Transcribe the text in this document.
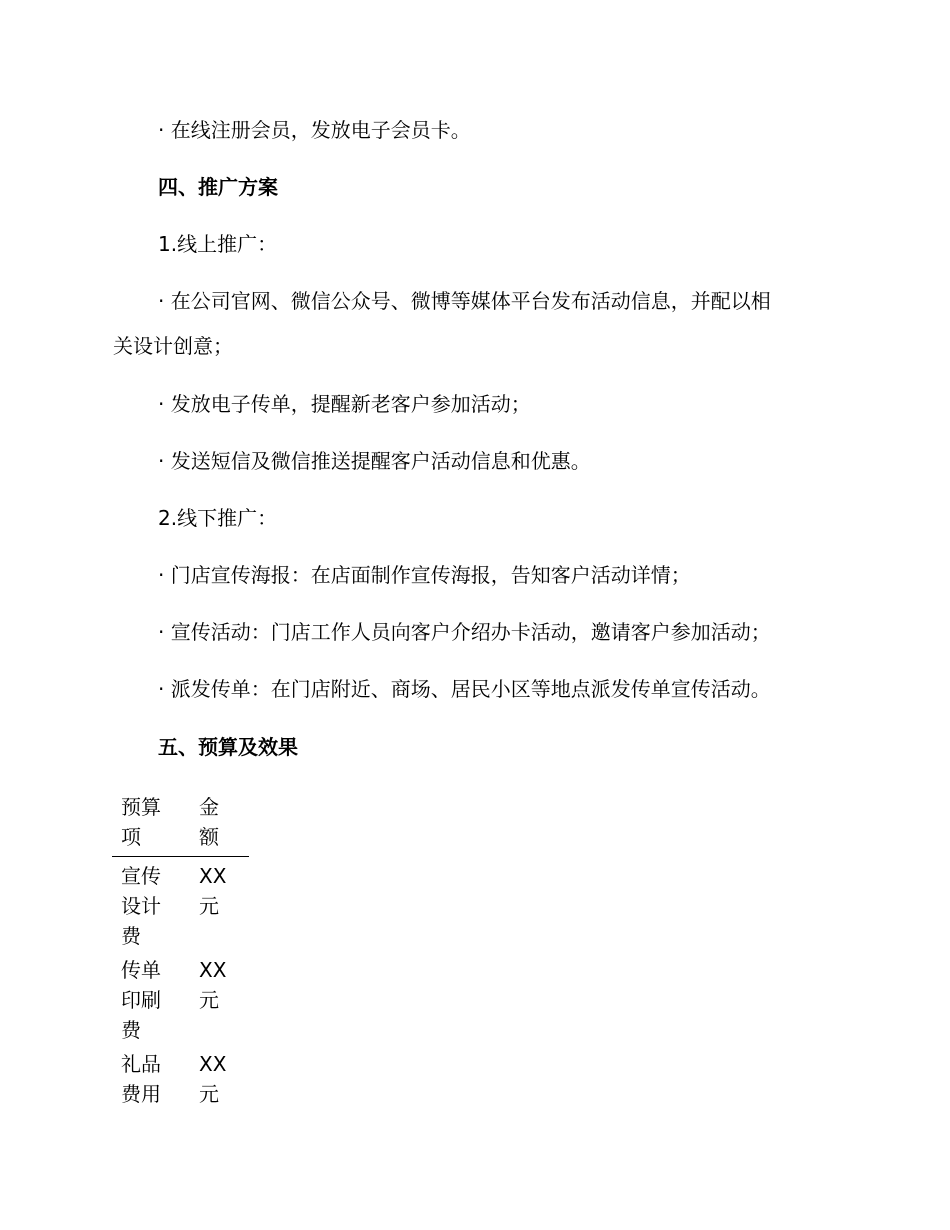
· 在线注册会员，发放电子会员卡。
四、推广方案
1.线上推广：
· 在公司官网、微信公众号、微博等媒体平台发布活动信息，并配以相
关设计创意；
· 发放电子传单，提醒新老客户参加活动；
· 发送短信及微信推送提醒客户活动信息和优惠。
2.线下推广：
· 门店宣传海报：在店面制作宣传海报，告知客户活动详情；
· 宣传活动：门店工作人员向客户介绍办卡活动，邀请客户参加活动；
· 派发传单：在门店附近、商场、居民小区等地点派发传单宣传活动。
五、预算及效果
预算项	金额

宣传设计费	XX元

传单印刷费	XX元

礼品费用	XX元
